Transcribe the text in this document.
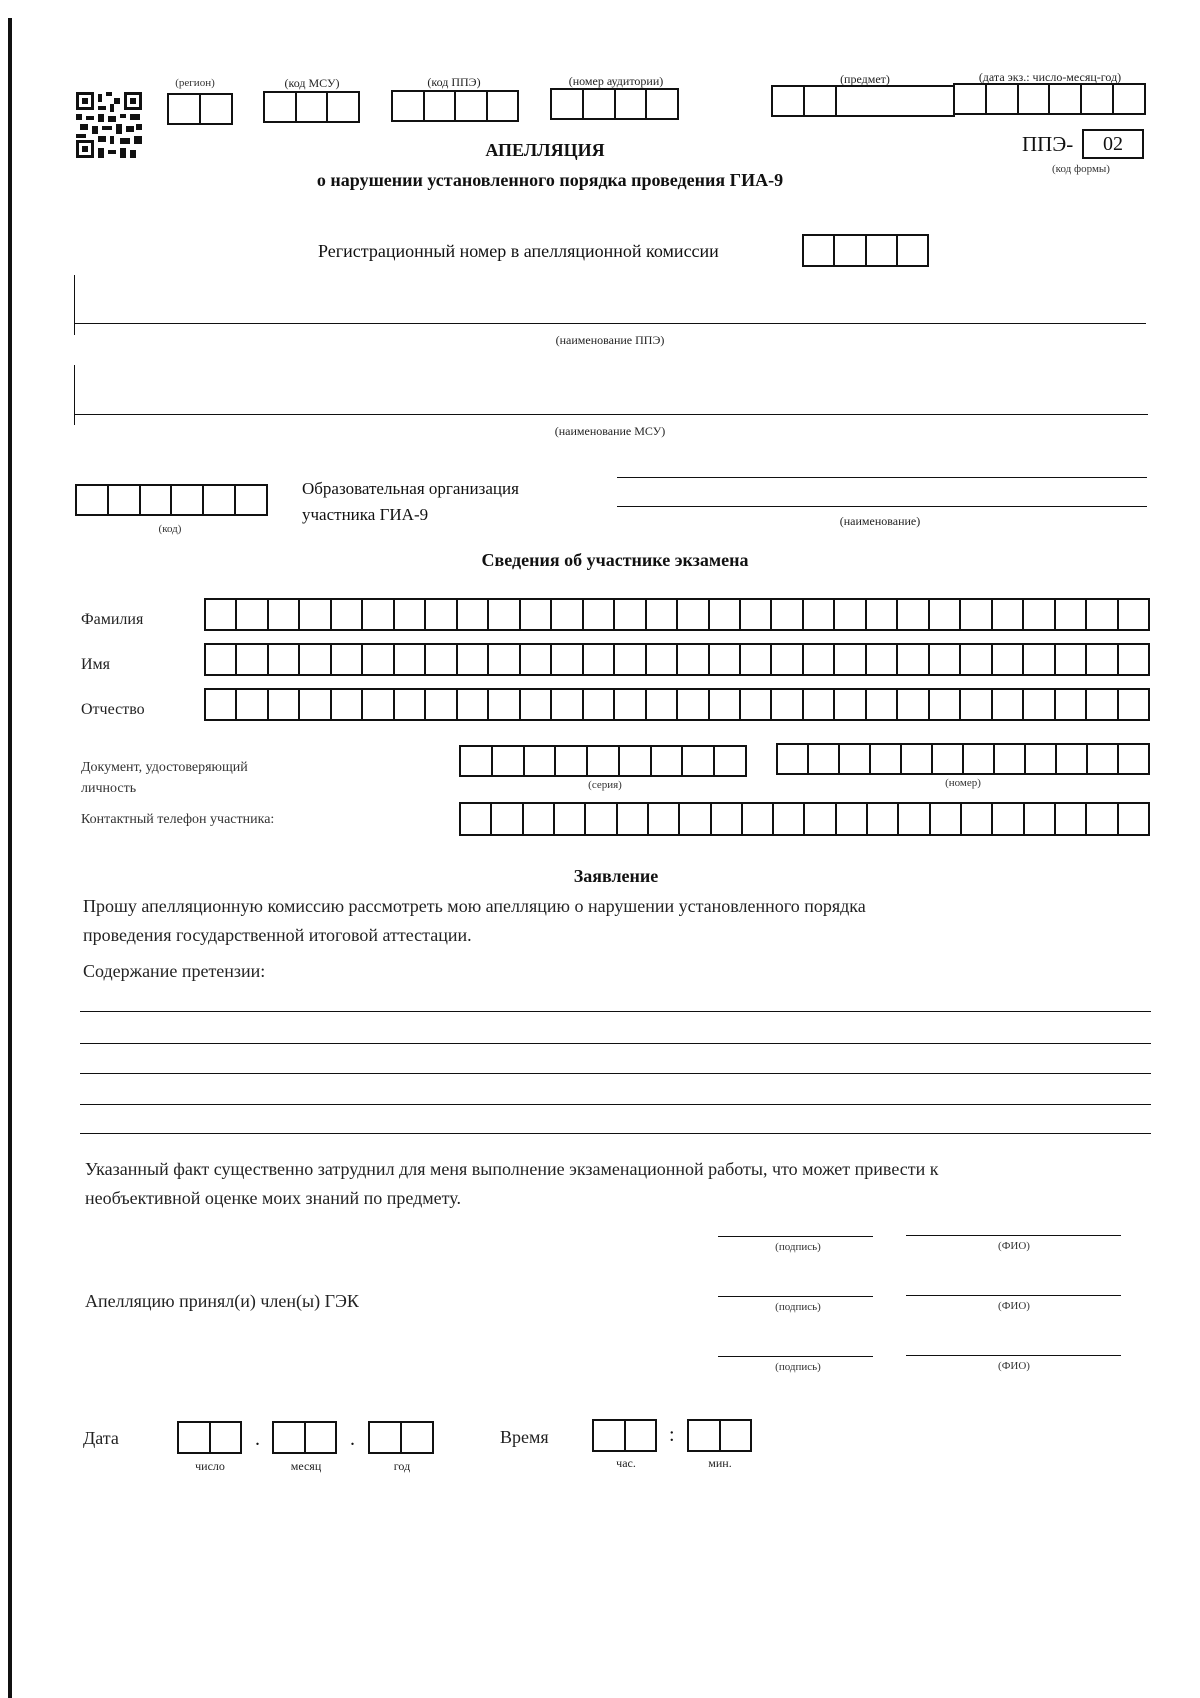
(регион)	(код МСУ)	(код ППЭ)	(номер аудитории)	(предмет)	(дата экз.: число-месяц-год)
ППЭ-	02
(код формы)
АПЕЛЛЯЦИЯ
о нарушении установленного порядка проведения ГИА-9
Регистрационный номер в апелляционной комиссии
(наименование ППЭ)
(наименование МСУ)
(код)
Образовательная организация
участника ГИА-9	(наименование)
Сведения об участнике экзамена
Фамилия
Имя
Отчество
Документ, удостоверяющий
личность	(серия)	(номер)
Контактный телефон участника:
Заявление
Прошу апелляционную комиссию рассмотреть мою апелляцию о нарушении установленного порядка
проведения государственной итоговой аттестации.
Содержание претензии:
Указанный факт существенно затруднил для меня выполнение экзаменационной работы, что может привести к
необъективной оценке моих знаний по предмету.
(подпись)	(ФИО)
Апелляцию принял(и) член(ы) ГЭК	(подпись)	(ФИО)
(подпись)	(ФИО)
Дата	.	.
число	месяц	год
Время	:
час.	мин.
